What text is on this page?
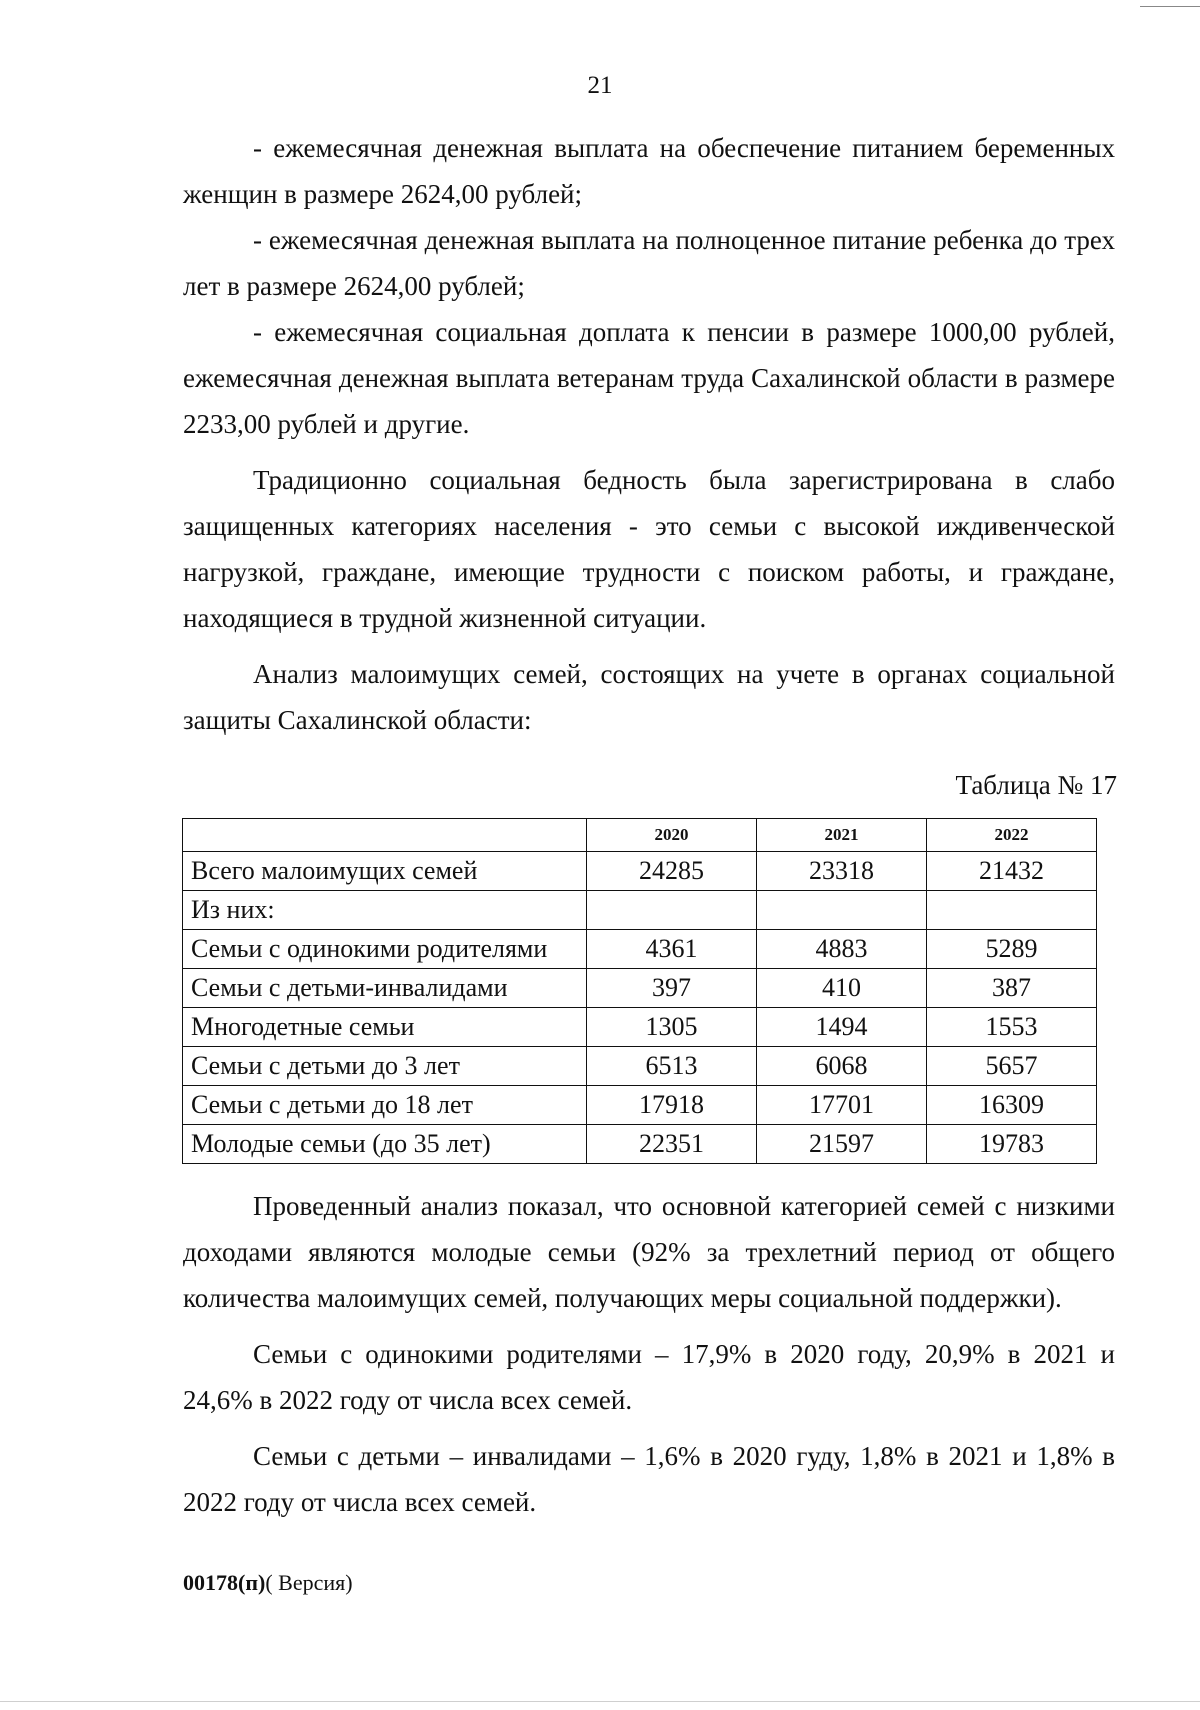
21

- ежемесячная денежная выплата на обеспечение питанием беременных женщин в размере 2624,00 рублей;

- ежемесячная денежная выплата на полноценное питание ребенка до трех лет в размере 2624,00 рублей;

- ежемесячная социальная доплата к пенсии в размере 1000,00 рублей, ежемесячная денежная выплата ветеранам труда Сахалинской области в размере 2233,00 рублей и другие.

Традиционно социальная бедность была зарегистрирована в слабо защищенных категориях населения - это семьи с высокой иждивенческой нагрузкой, граждане, имеющие трудности с поиском работы, и граждане, находящиеся в трудной жизненной ситуации.

Анализ малоимущих семей, состоящих на учете в органах социальной защиты Сахалинской области:

Таблица № 17
	2020	2021	2022
Всего малоимущих семей	24285	23318	21432
Из них:			
Семьи с одинокими родителями	4361	4883	5289
Семьи с детьми-инвалидами	397	410	387
Многодетные семьи	1305	1494	1553
Семьи с детьми до 3 лет	6513	6068	5657
Семьи с детьми до 18 лет	17918	17701	16309
Молодые семьи (до 35 лет)	22351	21597	19783

Проведенный анализ показал, что основной категорией семей с низкими доходами являются молодые семьи (92% за трехлетний период от общего количества малоимущих семей, получающих меры социальной поддержки).

Семьи с одинокими родителями – 17,9% в 2020 году, 20,9% в 2021 и 24,6% в 2022 году от числа всех семей.

Семьи с детьми – инвалидами – 1,6% в 2020 гуду, 1,8% в 2021 и 1,8% в 2022 году от числа всех семей.

00178(п)( Версия)
